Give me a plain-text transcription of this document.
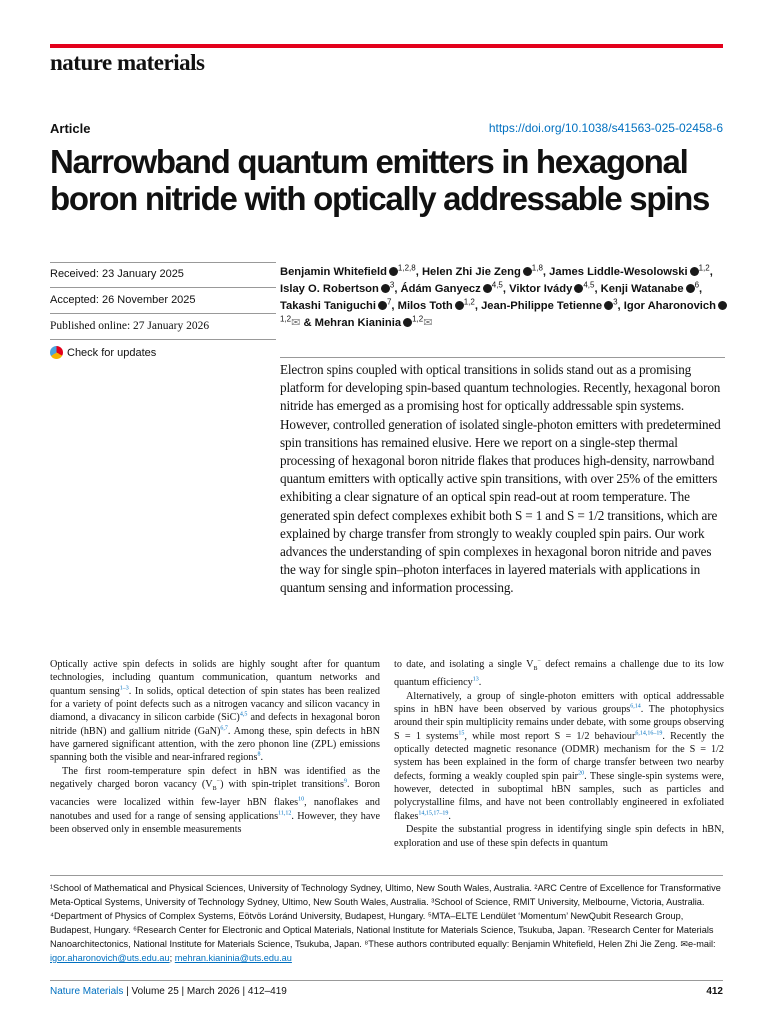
nature materials
Article	https://doi.org/10.1038/s41563-025-02458-6
Narrowband quantum emitters in hexagonal boron nitride with optically addressable spins
Received: 23 January 2025
Accepted: 26 November 2025
Published online: 27 January 2026
Check for updates
Benjamin Whitefield $^{1,2,8}$, Helen Zhi Jie Zeng $^{1,8}$, James Liddle-Wesolowski $^{1,2}$, Islay O. Robertson $^3$, Ádám Ganyecz $^{4,5}$, Viktor Ivády $^{4,5}$, Kenji Watanabe $^6$, Takashi Taniguchi $^7$, Milos Toth $^{1,2}$, Jean-Philippe Tetienne $^3$, Igor Aharonovich$^{1,2}$✉ & Mehran Kianinia $^{1,2}$✉

Electron spins coupled with optical transitions in solids stand out as a promising platform for developing spin-based quantum technologies. Recently, hexagonal boron nitride has emerged as a promising host for optically addressable spin systems. However, controlled generation of isolated single-photon emitters with predetermined spin transitions has remained elusive. Here we report on a single-step thermal processing of hexagonal boron nitride flakes that produces high-density, narrowband quantum emitters with optically active spin transitions, with over 25% of the emitters exhibiting a clear signature of an optical spin read-out at room temperature. The generated spin defect complexes exhibit both S = 1 and S = 1/2 transitions, which are explained by charge transfer from strongly to weakly coupled spin pairs. Our work advances the understanding of spin complexes in hexagonal boron nitride and paves the way for single spin–photon interfaces in layered materials with applications in quantum sensing and information processing.

Optically active spin defects in solids are highly sought after for quantum technologies, including quantum communication, quantum networks and quantum sensing$^{1-3}$. In solids, optical detection of spin states has been realized for a variety of point defects such as a nitrogen vacancy and silicon vacancy in diamond, a divacancy in silicon carbide (SiC)$^{4,5}$ and defects in hexagonal boron nitride (hBN) and gallium nitride (GaN)$^{6,7}$. Among these, spin defects in hBN have garnered significant attention, with the zero phonon line (ZPL) emissions spanning both the visible and near-infrared regions$^8$.

The first room-temperature spin defect in hBN was identified as the negatively charged boron vacancy $(V_B^-)$ with spin-triplet transitions$^9$. Boron vacancies were localized within few-layer hBN flakes$^{10}$, nanoflakes and nanotubes and used for a range of sensing applications$^{11,12}$. However, they have been observed only in ensemble measurements

to date, and isolating a single $V_B^-$ defect remains a challenge due to its low quantum efficiency$^{13}$.

Alternatively, a group of single-photon emitters with optical addressable spins in hBN have been observed by various groups$^{6,14}$. The photophysics around their spin multiplicity remains under debate, with some groups observing S = 1 systems$^{15}$, while most report S = 1/2 behaviour$^{6,14,16-19}$. Recently the optically detected magnetic resonance (ODMR) mechanism for the S = 1/2 system has been explained in the form of charge transfer between two nearby defects, forming a weakly coupled spin pair$^{20}$. These single-spin systems were, however, detected in suboptimal hBN samples, such as particles and polycrystalline films, and have not been controllably engineered in exfoliated flakes$^{14,15,17-19}$.

Despite the substantial progress in identifying single spin defects in hBN, exploration and use of these spin defects in quantum

¹School of Mathematical and Physical Sciences, University of Technology Sydney, Ultimo, New South Wales, Australia. ²ARC Centre of Excellence for Transformative Meta-Optical Systems, University of Technology Sydney, Ultimo, New South Wales, Australia. ³School of Science, RMIT University, Melbourne, Victoria, Australia. ⁴Department of Physics of Complex Systems, Eötvös Loránd University, Budapest, Hungary. ⁵MTA–ELTE Lendület ‘Momentum’ NewQubit Research Group, Budapest, Hungary. ⁶Research Center for Electronic and Optical Materials, National Institute for Materials Science, Tsukuba, Japan. ⁷Research Center for Materials Nanoarchitectonics, National Institute for Materials Science, Tsukuba, Japan. ⁸These authors contributed equally: Benjamin Whitefield, Helen Zhi Jie Zeng. ✉e-mail: igor.aharonovich@uts.edu.au; mehran.kianinia@uts.edu.au

Nature Materials | Volume 25 | March 2026 | 412–419	412
